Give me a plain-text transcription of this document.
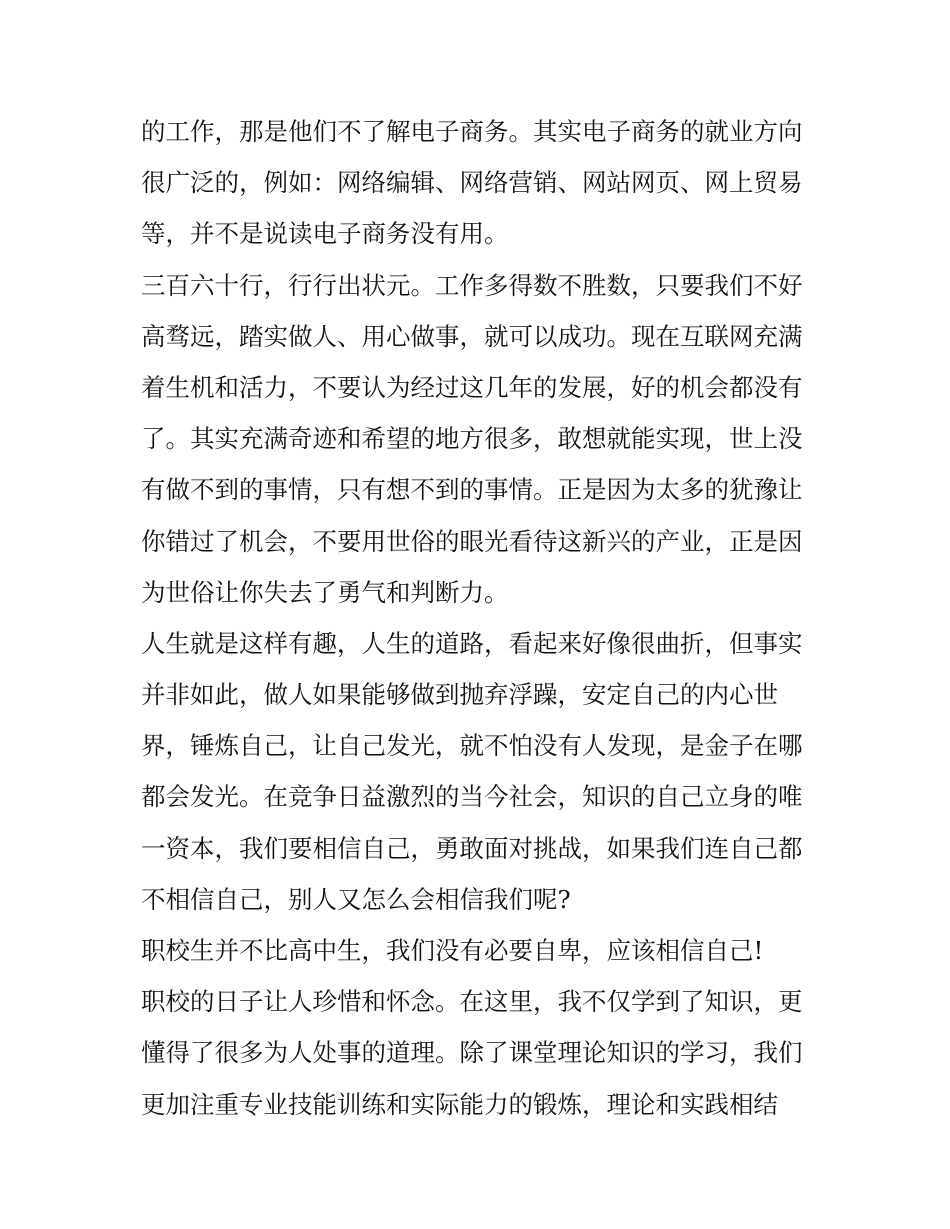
的工作，那是他们不了解电子商务。其实电子商务的就业方向
很广泛的，例如：网络编辑、网络营销、网站网页、网上贸易
等，并不是说读电子商务没有用。
三百六十行，行行出状元。工作多得数不胜数，只要我们不好
高骛远，踏实做人、用心做事，就可以成功。现在互联网充满
着生机和活力，不要认为经过这几年的发展，好的机会都没有
了。其实充满奇迹和希望的地方很多，敢想就能实现，世上没
有做不到的事情，只有想不到的事情。正是因为太多的犹豫让
你错过了机会，不要用世俗的眼光看待这新兴的产业，正是因
为世俗让你失去了勇气和判断力。
人生就是这样有趣，人生的道路，看起来好像很曲折，但事实
并非如此，做人如果能够做到抛弃浮躁，安定自己的内心世
界，锤炼自己，让自己发光，就不怕没有人发现，是金子在哪
都会发光。在竞争日益激烈的当今社会，知识的自己立身的唯
一资本，我们要相信自己，勇敢面对挑战，如果我们连自己都
不相信自己，别人又怎么会相信我们呢?
职校生并不比高中生，我们没有必要自卑，应该相信自己!
职校的日子让人珍惜和怀念。在这里，我不仅学到了知识，更
懂得了很多为人处事的道理。除了课堂理论知识的学习，我们
更加注重专业技能训练和实际能力的锻炼，理论和实践相结
